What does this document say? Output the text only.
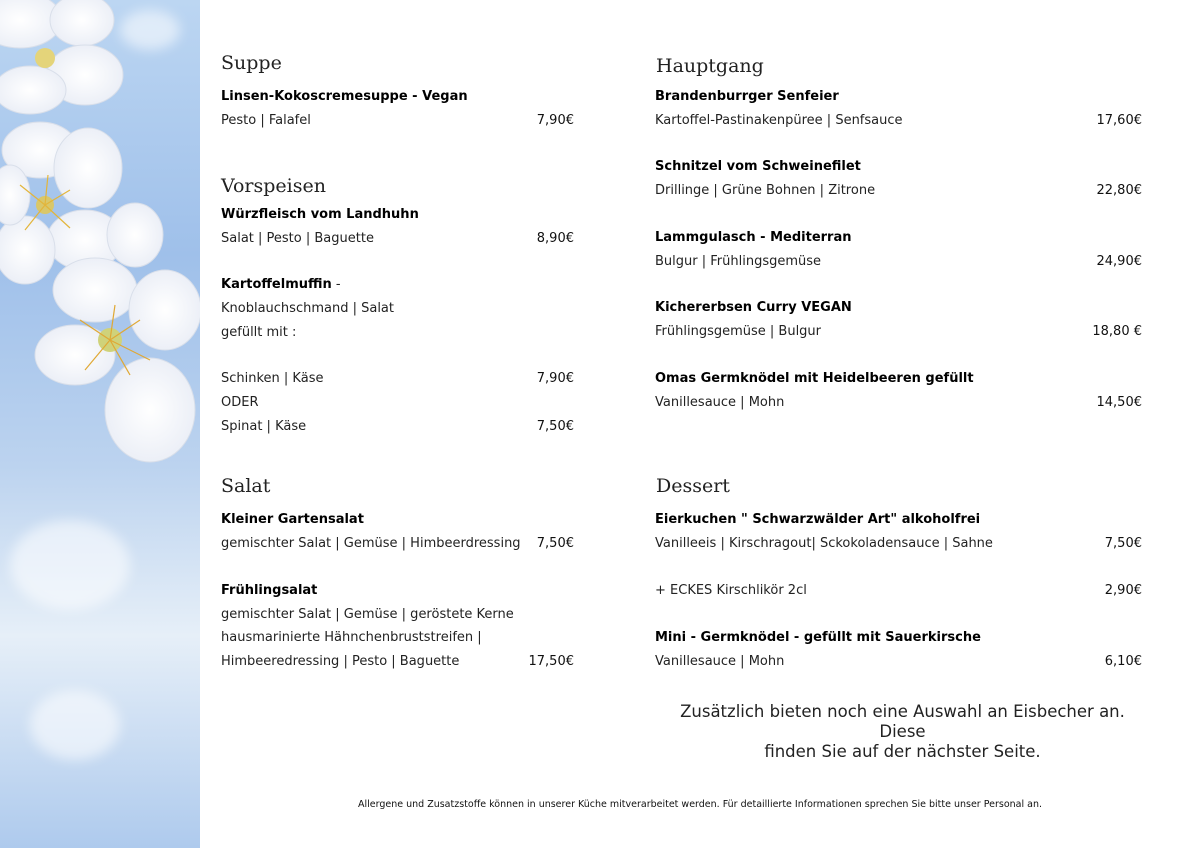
Suppe
Linsen-Kokoscremesuppe - Vegan
Pesto | Falafel	7,90€
Vorspeisen
Würzfleisch vom Landhuhn
Salat | Pesto | Baguette	8,90€
Kartoffelmuffin -
Knoblauchschmand | Salat
gefüllt mit :
Schinken | Käse	7,90€
ODER
Spinat | Käse	7,50€
Salat
Kleiner Gartensalat
gemischter Salat | Gemüse | Himbeerdressing 7,50€
Frühlingsalat
gemischter Salat | Gemüse | geröstete Kerne
hausmarinierte Hähnchenbruststreifen |
Himbeeredressing | Pesto | Baguette	17,50€
Hauptgang
Brandenburrger Senfeier
Kartoffel-Pastinakenpüree | Senfsauce	17,60€
Schnitzel vom Schweinefilet
Drillinge | Grüne Bohnen | Zitrone	22,80€
Lammgulasch - Mediterran
Bulgur | Frühlingsgemüse	24,90€
Kichererbsen Curry VEGAN
Frühlingsgemüse | Bulgur	18,80 €
Omas Germknödel mit Heidelbeeren gefüllt
Vanillesauce | Mohn	14,50€
Dessert
Eierkuchen " Schwarzwälder Art" alkoholfrei
Vanilleeis | Kirschragout| Sckokoladensauce | Sahne	7,50€
+ ECKES Kirschlikör 2cl	2,90€
Mini - Germknödel - gefüllt mit Sauerkirsche
Vanillesauce | Mohn	6,10€
Zusätzlich bieten noch eine Auswahl an Eisbecher an. Diese
finden Sie auf der nächster Seite.
Allergene und Zusatzstoffe können in unserer Küche mitverarbeitet werden. Für detaillierte Informationen sprechen Sie bitte unser Personal an.
